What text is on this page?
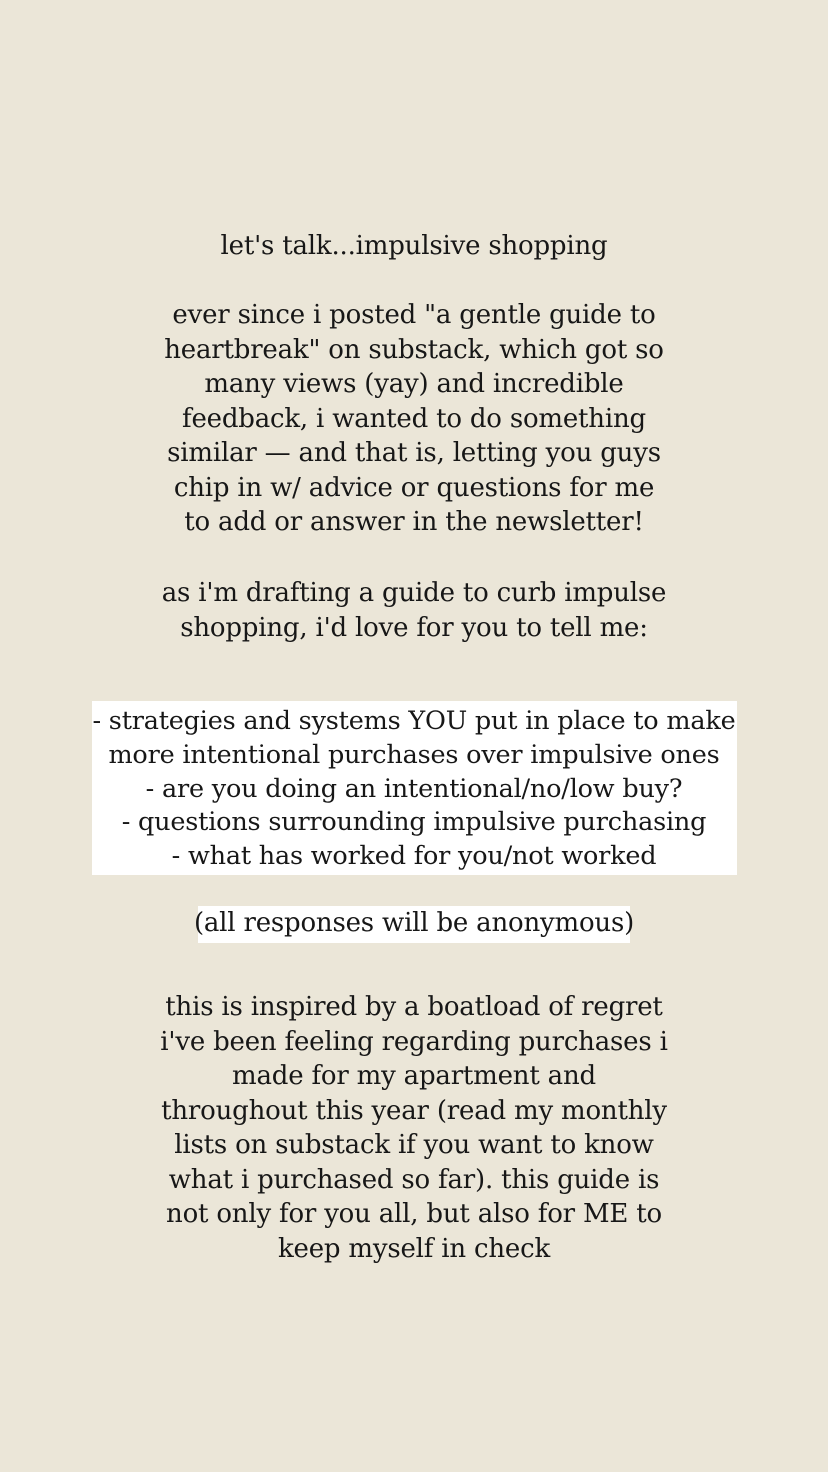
let's talk...impulsive shopping
ever since i posted "a gentle guide to
heartbreak" on substack, which got so
many views (yay) and incredible
feedback, i wanted to do something
similar — and that is, letting you guys
chip in w/ advice or questions for me
to add or answer in the newsletter!
as i'm drafting a guide to curb impulse
shopping, i'd love for you to tell me:
- strategies and systems YOU put in place to make
more intentional purchases over impulsive ones
- are you doing an intentional/no/low buy?
- questions surrounding impulsive purchasing
- what has worked for you/not worked
(all responses will be anonymous)
this is inspired by a boatload of regret
i've been feeling regarding purchases i
made for my apartment and
throughout this year (read my monthly
lists on substack if you want to know
what i purchased so far). this guide is
not only for you all, but also for ME to
keep myself in check
